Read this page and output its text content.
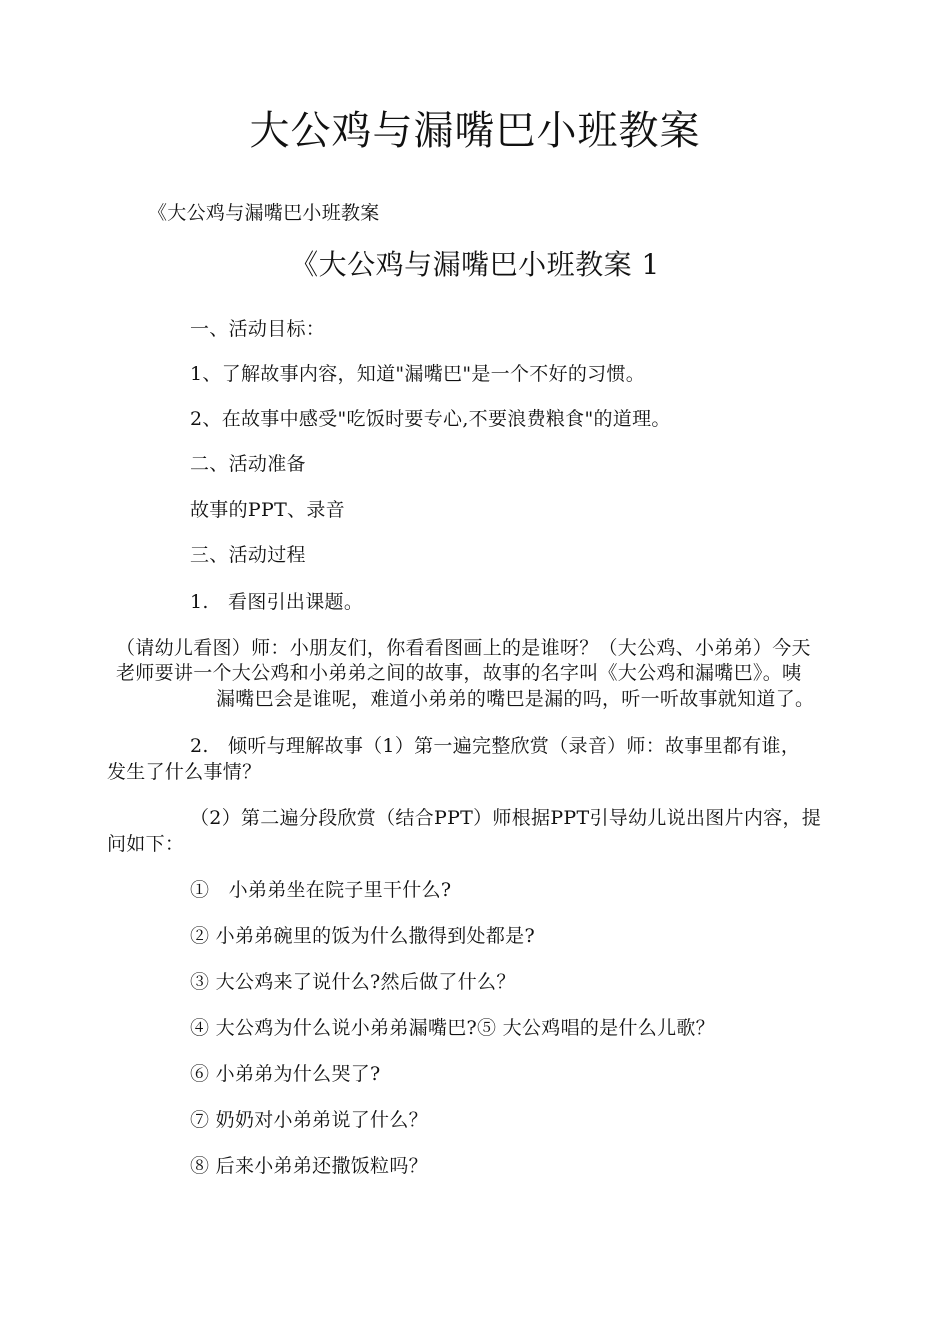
大公鸡与漏嘴巴小班教案
《大公鸡与漏嘴巴小班教案
《大公鸡与漏嘴巴小班教案 1
一、活动目标：
1、了解故事内容，知道"漏嘴巴"是一个不好的习惯。
2、在故事中感受"吃饭时要专心,不要浪费粮食"的道理。
二、活动准备
故事的PPT、录音
三、活动过程
1.　看图引出课题。
（请幼儿看图）师：小朋友们，你看看图画上的是谁呀？（大公鸡、小弟弟）今天
老师要讲一个大公鸡和小弟弟之间的故事，故事的名字叫《大公鸡和漏嘴巴》。咦
漏嘴巴会是谁呢，难道小弟弟的嘴巴是漏的吗，听一听故事就知道了。
2.　倾听与理解故事（1）第一遍完整欣赏（录音）师：故事里都有谁，
发生了什么事情？
（2）第二遍分段欣赏（结合PPT）师根据PPT引导幼儿说出图片内容，提
问如下：
①　小弟弟坐在院子里干什么?
② 小弟弟碗里的饭为什么撒得到处都是?
③ 大公鸡来了说什么?然后做了什么？
④ 大公鸡为什么说小弟弟漏嘴巴?⑤ 大公鸡唱的是什么儿歌？
⑥ 小弟弟为什么哭了?
⑦ 奶奶对小弟弟说了什么？
⑧ 后来小弟弟还撒饭粒吗？
